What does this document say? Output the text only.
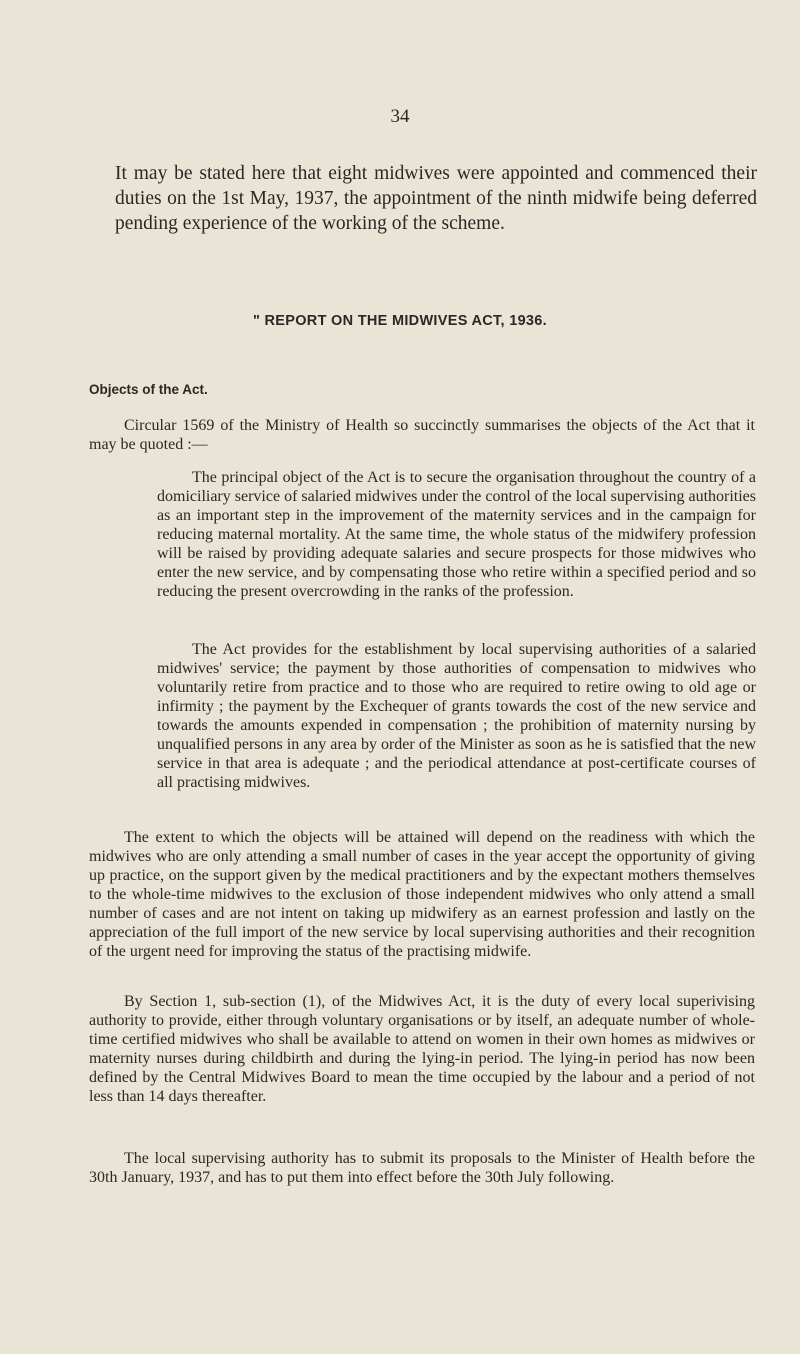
34

It may be stated here that eight midwives were appointed and commenced their duties on the 1st May, 1937, the appointment of the ninth midwife being deferred pending experience of the working of the scheme.

" REPORT ON THE MIDWIVES ACT, 1936.
Objects of the Act.

Circular 1569 of the Ministry of Health so succinctly summarises the objects of the Act that it may be quoted :—

The principal object of the Act is to secure the organisation throughout the country of a domiciliary service of salaried midwives under the control of the local supervising authorities as an important step in the improvement of the maternity services and in the campaign for reducing maternal mortality. At the same time, the whole status of the midwifery profession will be raised by providing adequate salaries and secure prospects for those midwives who enter the new service, and by compensating those who retire within a specified period and so reducing the present overcrowding in the ranks of the profession.

The Act provides for the establishment by local supervising authorities of a salaried midwives' service; the payment by those authorities of compensation to midwives who voluntarily retire from practice and to those who are required to retire owing to old age or infirmity ; the payment by the Exchequer of grants towards the cost of the new service and towards the amounts expended in compensation ; the prohibition of maternity nursing by unqualified persons in any area by order of the Minister as soon as he is satisfied that the new service in that area is adequate ; and the periodical attendance at post-certificate courses of all practising midwives.

The extent to which the objects will be attained will depend on the readiness with which the midwives who are only attending a small number of cases in the year accept the opportunity of giving up practice, on the support given by the medical practitioners and by the expectant mothers themselves to the whole-time midwives to the exclusion of those independent midwives who only attend a small number of cases and are not intent on taking up midwifery as an earnest profession and lastly on the appreciation of the full import of the new service by local supervising authorities and their recognition of the urgent need for improving the status of the practising midwife.

By Section 1, sub-section (1), of the Midwives Act, it is the duty of every local superivising authority to provide, either through voluntary organisations or by itself, an adequate number of whole-time certified midwives who shall be available to attend on women in their own homes as midwives or maternity nurses during childbirth and during the lying-in period. The lying-in period has now been defined by the Central Midwives Board to mean the time occupied by the labour and a period of not less than 14 days thereafter.

The local supervising authority has to submit its proposals to the Minister of Health before the 30th January, 1937, and has to put them into effect before the 30th July following.
